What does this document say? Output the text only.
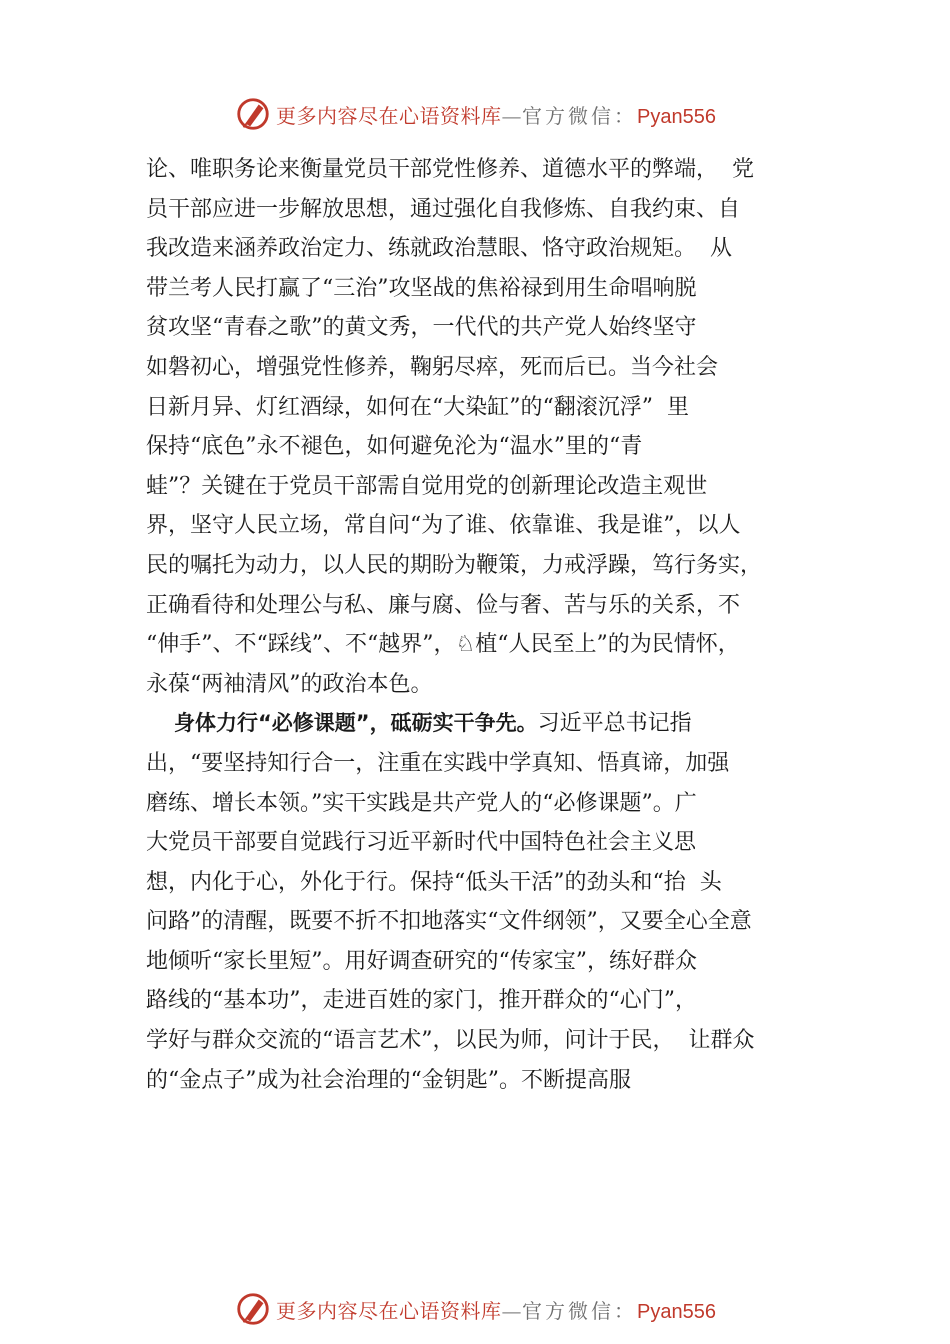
更多内容尽在心语资料库—官方微信：Pyan556
论、唯职务论来衡量党员干部党性修养、道德水平的弊端，  党
员干部应进一步解放思想，通过强化自我修炼、自我约束、自
我改造来涵养政治定力、练就政治慧眼、恪守政治规矩。  从
带兰考人民打赢了“三治”攻坚战的焦裕禄到用生命唱响脱
贫攻坚“青春之歌”的黄文秀，一代代的共产党人始终坚守
如磐初心，增强党性修养，鞠躬尽瘁，死而后已。当今社会
日新月异、灯红酒绿，如何在“大染缸”的“翻滚沉浮”  里
保持“底色”永不褪色，如何避免沦为“温水”里的“青
蛙”？关键在于党员干部需自觉用党的创新理论改造主观世
界，坚守人民立场，常自问“为了谁、依靠谁、我是谁”，以人
民的嘱托为动力，以人民的期盼为鞭策，力戒浮躁，笃行务实，
正确看待和处理公与私、廉与腐、俭与奢、苦与乐的关系，不
“伸手”、不“踩线”、不“越界”，♘植“人民至上”的为民情怀，
永葆“两袖清风”的政治本色。
身体力行“必修课题”，砥砺实干争先。习近平总书记指
出，“要坚持知行合一，注重在实践中学真知、悟真谛，加强
磨练、增长本领。”实干实践是共产党人的“必修课题”。广
大党员干部要自觉践行习近平新时代中国特色社会主义思
想，内化于心，外化于行。保持“低头干活”的劲头和“抬  头
问路”的清醒，既要不折不扣地落实“文件纲领”，又要全心全意
地倾听“家长里短”。用好调查研究的“传家宝”，练好群众
路线的“基本功”，走进百姓的家门，推开群众的“心门”，
学好与群众交流的“语言艺术”，以民为师，问计于民，  让群众
的“金点子”成为社会治理的“金钥匙”。不断提高服
更多内容尽在心语资料库—官方微信：Pyan556
